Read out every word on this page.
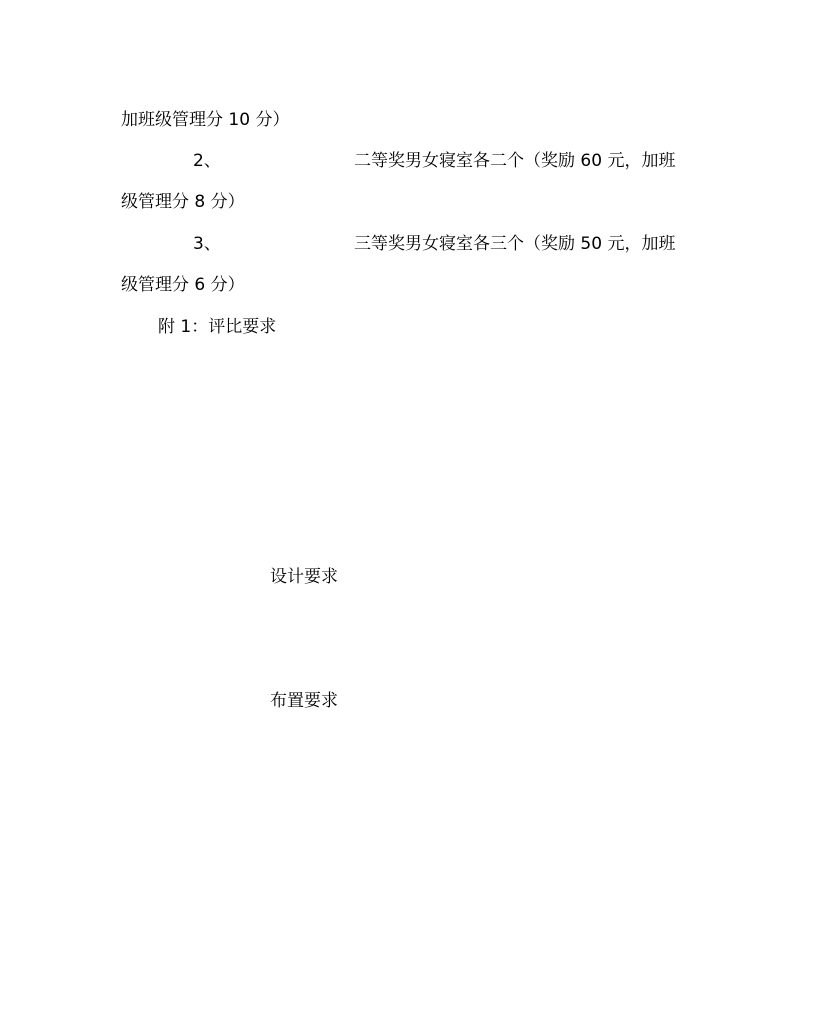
加班级管理分 10 分）
2、	二等奖男女寝室各二个（奖励 60 元，加班
级管理分 8 分）
3、	三等奖男女寝室各三个（奖励 50 元，加班
级管理分 6 分）
附 1：评比要求
设计要求
布置要求
